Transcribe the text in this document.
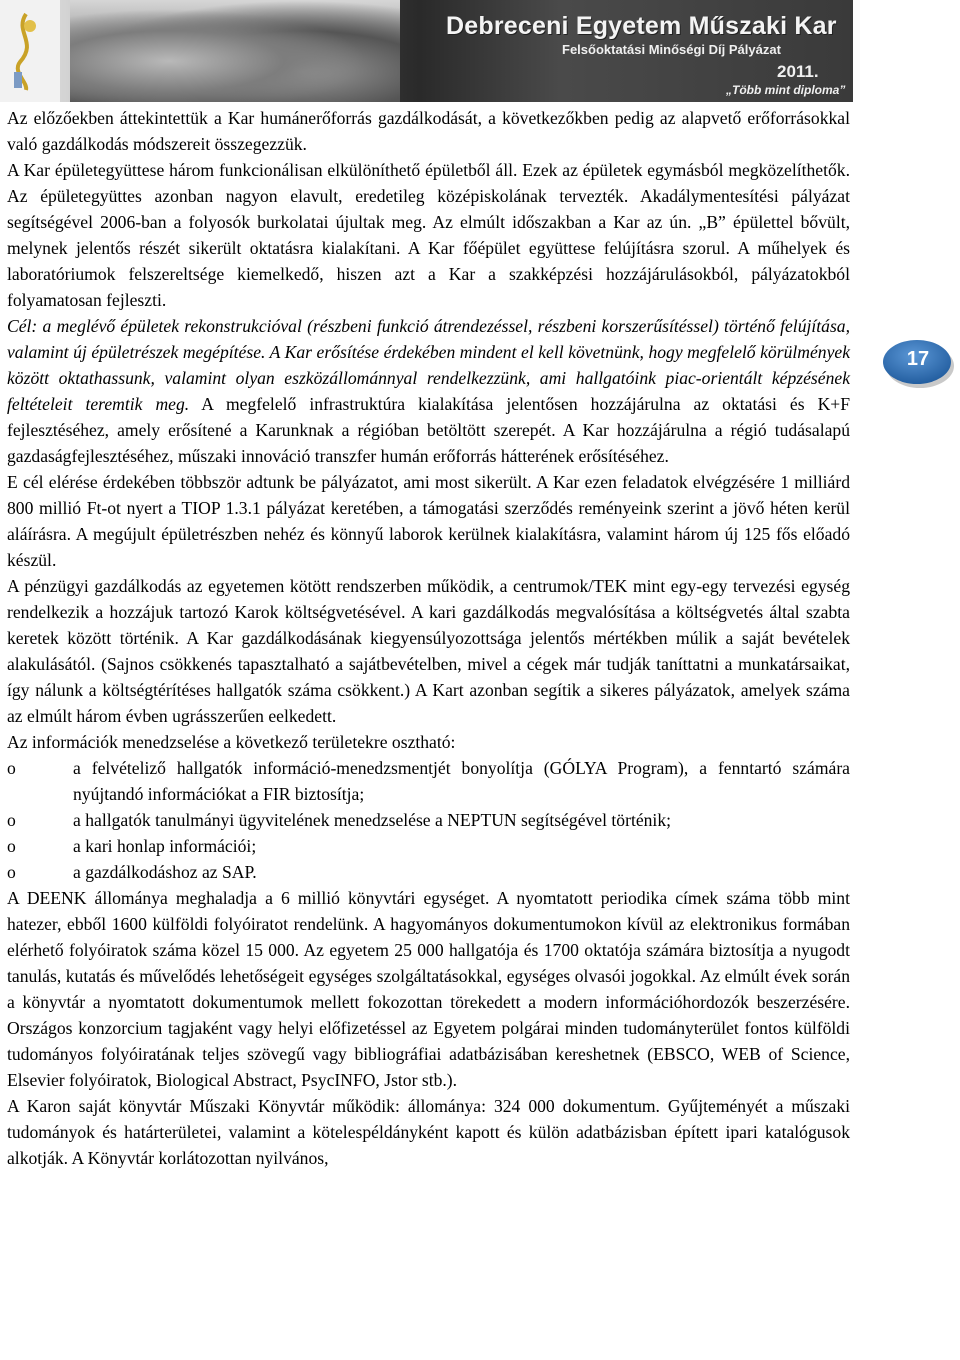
Debreceni Egyetem Műszaki Kar
Felsőoktatási Minőségi Díj Pályázat
2011.
„Több mint diploma”
17

Az előzőekben áttekintettük a Kar humánerőforrás gazdálkodását, a következőkben pedig az alapvető erőforrásokkal való gazdálkodás módszereit összegezzük.

A Kar épületegyüttese három funkcionálisan elkülöníthető épületből áll. Ezek az épületek egymásból megközelíthetők. Az épületegyüttes azonban nagyon elavult, eredetileg középiskolának tervezték. Akadálymentesítési pályázat segítségével 2006-ban a folyosók burkolatai újultak meg. Az elmúlt időszakban a Kar az ún. „B” épülettel bővült, melynek jelentős részét sikerült oktatásra kialakítani. A Kar főépület együttese felújításra szorul. A műhelyek és laboratóriumok felszereltsége kiemelkedő, hiszen azt a Kar a szakképzési hozzájárulásokból, pályázatokból folyamatosan fejleszti.

Cél: a meglévő épületek rekonstrukcióval (részbeni funkció átrendezéssel, részbeni korszerűsítéssel) történő felújítása, valamint új épületrészek megépítése. A Kar erősítése érdekében mindent el kell követnünk, hogy megfelelő körülmények között oktathassunk, valamint olyan eszközállománnyal rendelkezzünk, ami hallgatóink piac-orientált képzésének feltételeit teremtik meg. A megfelelő infrastruktúra kialakítása jelentősen hozzájárulna az oktatási és K+F fejlesztéséhez, amely erősítené a Karunknak a régióban betöltött szerepét. A Kar hozzájárulna a régió tudásalapú gazdaságfejlesztéséhez, műszaki innováció transzfer humán erőforrás hátterének erősítéséhez.

E cél elérése érdekében többször adtunk be pályázatot, ami most sikerült. A Kar ezen feladatok elvégzésére 1 milliárd 800 millió Ft-ot nyert a TIOP 1.3.1 pályázat keretében, a támogatási szerződés reményeink szerint a jövő héten kerül aláírásra. A megújult épületrészben nehéz és könnyű laborok kerülnek kialakításra, valamint három új 125 fős előadó készül.

A pénzügyi gazdálkodás az egyetemen kötött rendszerben működik, a centrumok/TEK mint egy-egy tervezési egység rendelkezik a hozzájuk tartozó Karok költségvetésével. A kari gazdálkodás megvalósítása a költségvetés által szabta keretek között történik. A Kar gazdálkodásának kiegyensúlyozottsága jelentős mértékben múlik a saját bevételek alakulásától. (Sajnos csökkenés tapasztalható a sajátbevételben, mivel a cégek már tudják taníttatni a munkatársaikat, így nálunk a költségtérítéses hallgatók száma csökkent.) A Kart azonban segítik a sikeres pályázatok, amelyek száma az elmúlt három évben ugrásszerűen eelkedett.

Az információk menedzselése a következő területekre osztható:

o	a felvételiző hallgatók információ-menedzsmentjét bonyolítja (GÓLYA Program), a fenntartó számára nyújtandó információkat a FIR biztosítja;
o	a hallgatók tanulmányi ügyvitelének menedzselése a NEPTUN segítségével történik;
o	a kari honlap információi;
o	a gazdálkodáshoz az SAP.

A DEENK állománya meghaladja a 6 millió könyvtári egységet. A nyomtatott periodika címek száma több mint hatezer, ebből 1600 külföldi folyóiratot rendelünk. A hagyományos dokumentumokon kívül az elektronikus formában elérhető folyóiratok száma közel 15 000. Az egyetem 25 000 hallgatója és 1700 oktatója számára biztosítja a nyugodt tanulás, kutatás és művelődés lehetőségeit egységes szolgáltatásokkal, egységes olvasói jogokkal. Az elmúlt évek során a könyvtár a nyomtatott dokumentumok mellett fokozottan törekedett a modern információhordozók beszerzésére. Országos konzorcium tagjaként vagy helyi előfizetéssel az Egyetem polgárai minden tudományterület fontos külföldi tudományos folyóiratának teljes szövegű vagy bibliográfiai adatbázisában kereshetnek (EBSCO, WEB of Science, Elsevier folyóiratok, Biological Abstract, PsycINFO, Jstor stb.).

A Karon saját könyvtár Műszaki Könyvtár működik: állománya: 324 000 dokumentum. Gyűjteményét a műszaki tudományok és határterületei, valamint a kötelespéldányként kapott és külön adatbázisban épített ipari katalógusok alkotják. A Könyvtár korlátozottan nyilvános,
